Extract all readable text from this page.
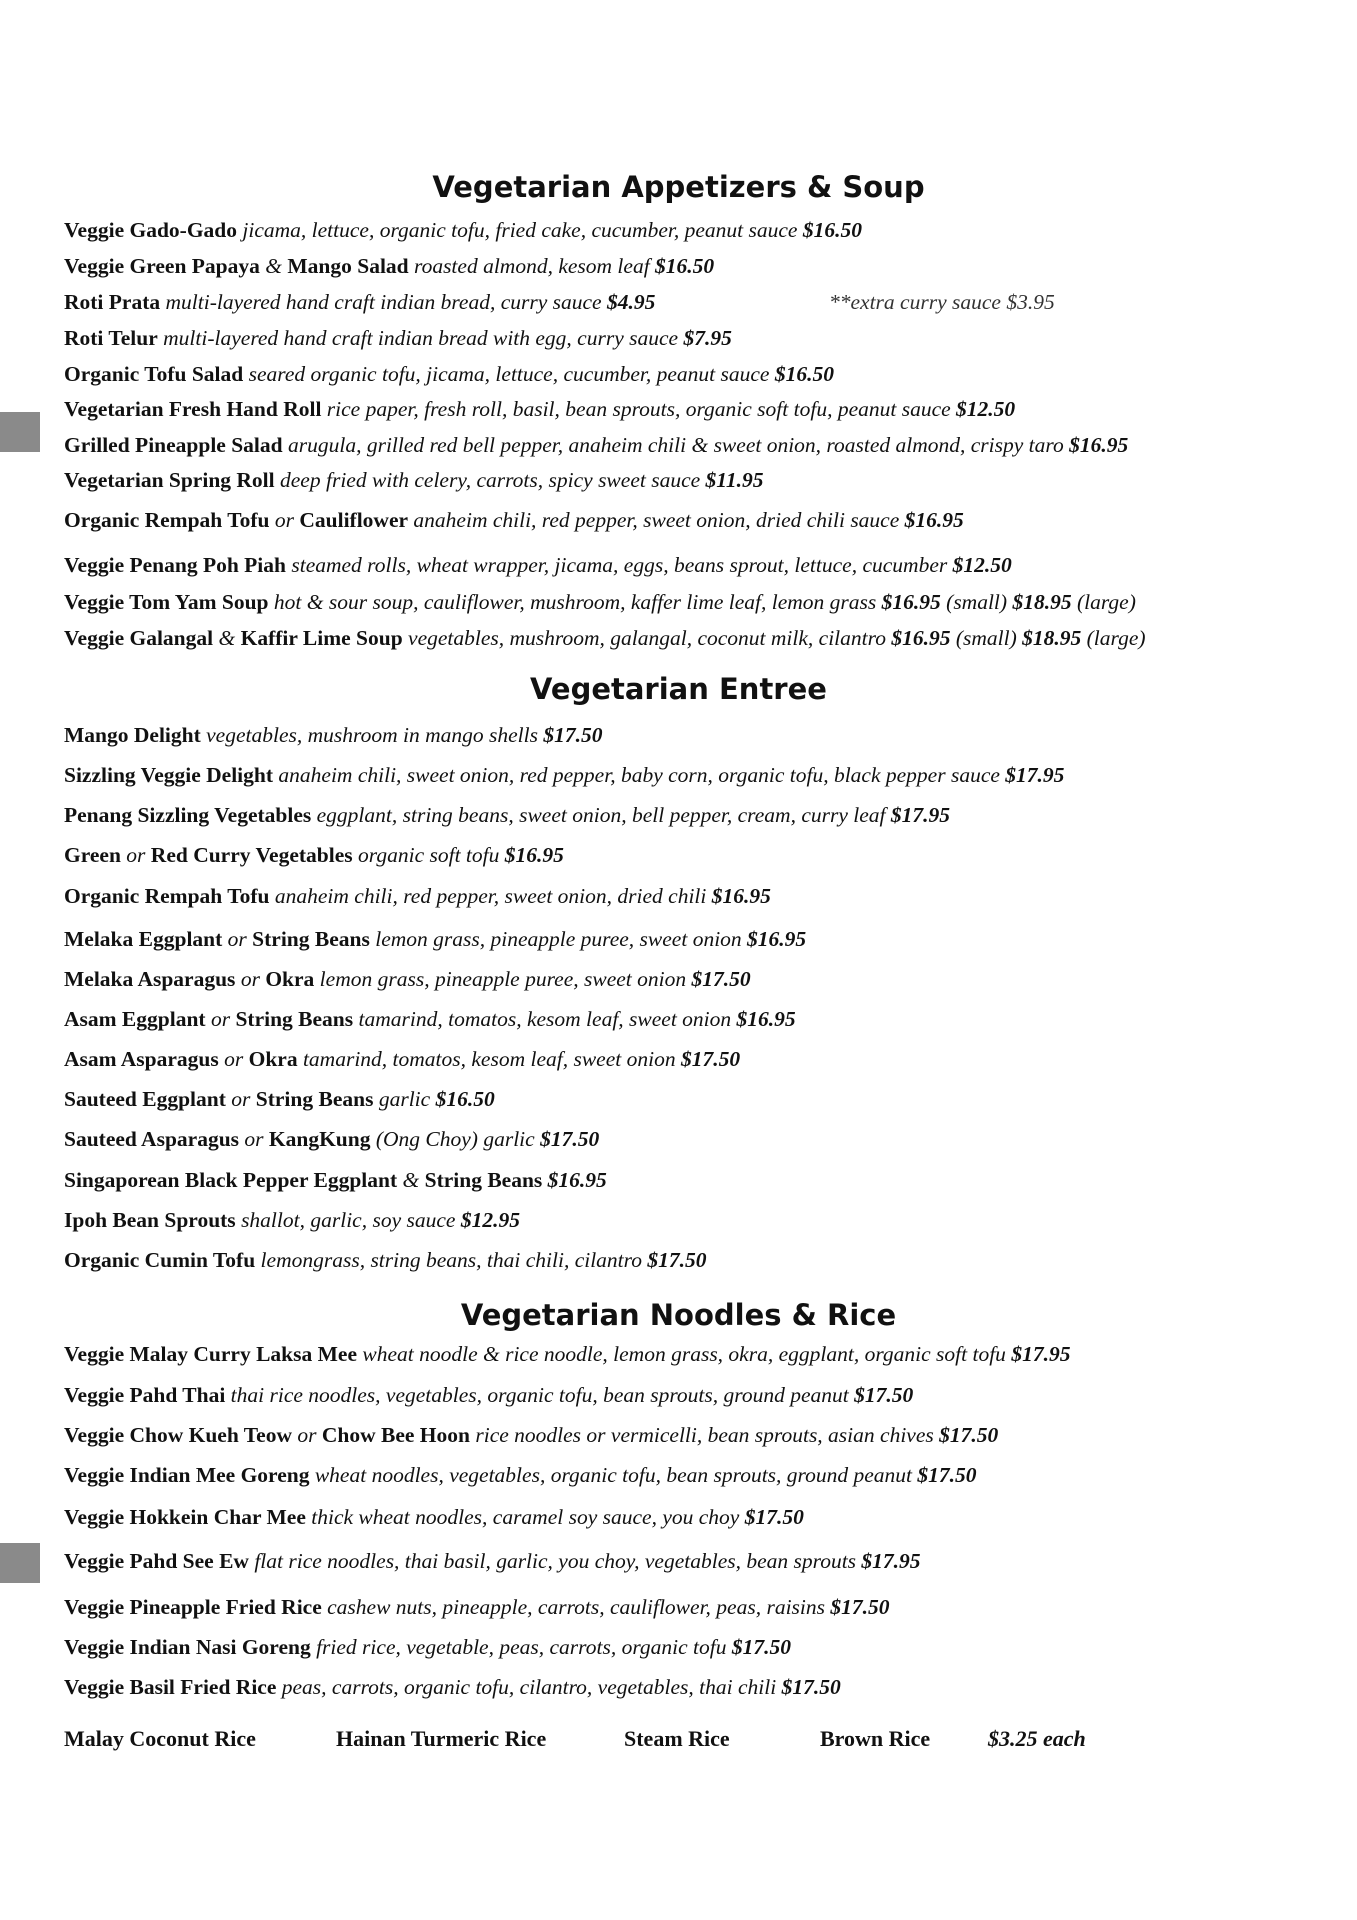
Vegetarian Appetizers & Soup
Veggie Gado-Gado jicama, lettuce, organic tofu, fried cake, cucumber, peanut sauce $16.50
Veggie Green Papaya & Mango Salad roasted almond, kesom leaf $16.50
Roti Prata multi-layered hand craft indian bread, curry sauce $4.95	**extra curry sauce $3.95
Roti Telur multi-layered hand craft indian bread with egg, curry sauce $7.95
Organic Tofu Salad seared organic tofu, jicama, lettuce, cucumber, peanut sauce $16.50
Vegetarian Fresh Hand Roll rice paper, fresh roll, basil, bean sprouts, organic soft tofu, peanut sauce $12.50
Grilled Pineapple Salad arugula, grilled red bell pepper, anaheim chili & sweet onion, roasted almond, crispy taro $16.95
Vegetarian Spring Roll deep fried with celery, carrots, spicy sweet sauce $11.95
Organic Rempah Tofu or Cauliflower anaheim chili, red pepper, sweet onion, dried chili sauce $16.95
Veggie Penang Poh Piah steamed rolls, wheat wrapper, jicama, eggs, beans sprout, lettuce, cucumber $12.50
Veggie Tom Yam Soup hot & sour soup, cauliflower, mushroom, kaffer lime leaf, lemon grass $16.95 (small) $18.95 (large)
Veggie Galangal & Kaffir Lime Soup vegetables, mushroom, galangal, coconut milk, cilantro $16.95 (small) $18.95 (large)
Vegetarian Entree
Mango Delight vegetables, mushroom in mango shells $17.50
Sizzling Veggie Delight anaheim chili, sweet onion, red pepper, baby corn, organic tofu, black pepper sauce $17.95
Penang Sizzling Vegetables eggplant, string beans, sweet onion, bell pepper, cream, curry leaf $17.95
Green or Red Curry Vegetables organic soft tofu $16.95
Organic Rempah Tofu anaheim chili, red pepper, sweet onion, dried chili $16.95
Melaka Eggplant or String Beans lemon grass, pineapple puree, sweet onion $16.95
Melaka Asparagus or Okra lemon grass, pineapple puree, sweet onion $17.50
Asam Eggplant or String Beans tamarind, tomatos, kesom leaf, sweet onion $16.95
Asam Asparagus or Okra tamarind, tomatos, kesom leaf, sweet onion $17.50
Sauteed Eggplant or String Beans garlic $16.50
Sauteed Asparagus or KangKung (Ong Choy) garlic $17.50
Singaporean Black Pepper Eggplant & String Beans $16.95
Ipoh Bean Sprouts shallot, garlic, soy sauce $12.95
Organic Cumin Tofu lemongrass, string beans, thai chili, cilantro $17.50
Vegetarian Noodles & Rice
Veggie Malay Curry Laksa Mee wheat noodle & rice noodle, lemon grass, okra, eggplant, organic soft tofu $17.95
Veggie Pahd Thai thai rice noodles, vegetables, organic tofu, bean sprouts, ground peanut $17.50
Veggie Chow Kueh Teow or Chow Bee Hoon rice noodles or vermicelli, bean sprouts, asian chives $17.50
Veggie Indian Mee Goreng wheat noodles, vegetables, organic tofu, bean sprouts, ground peanut $17.50
Veggie Hokkein Char Mee thick wheat noodles, caramel soy sauce, you choy $17.50
Veggie Pahd See Ew flat rice noodles, thai basil, garlic, you choy, vegetables, bean sprouts $17.95
Veggie Pineapple Fried Rice cashew nuts, pineapple, carrots, cauliflower, peas, raisins $17.50
Veggie Indian Nasi Goreng fried rice, vegetable, peas, carrots, organic tofu $17.50
Veggie Basil Fried Rice peas, carrots, organic tofu, cilantro, vegetables, thai chili $17.50
Malay Coconut Rice	Hainan Turmeric Rice	Steam Rice	Brown Rice	$3.25 each
